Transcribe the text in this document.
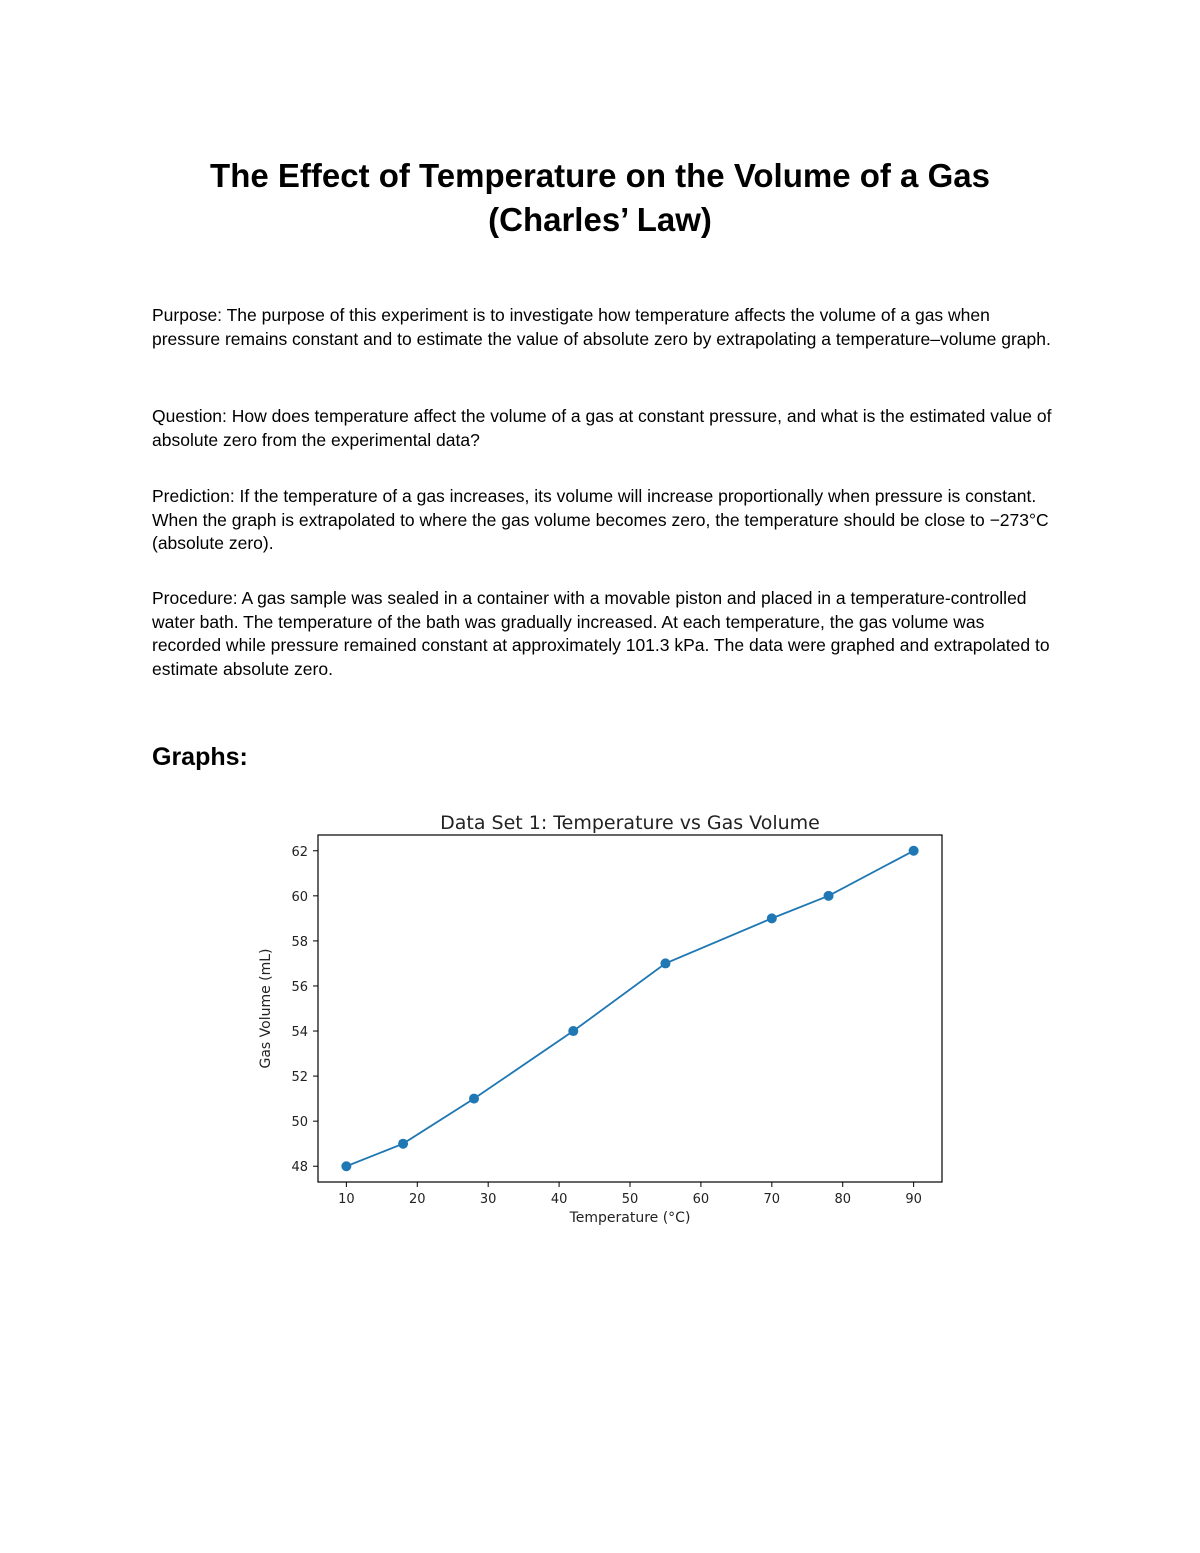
The Effect of Temperature on the Volume of a Gas
(Charles’ Law)
Purpose: The purpose of this experiment is to investigate how temperature affects the volume of a gas when pressure remains constant and to estimate the value of absolute zero by extrapolating a temperature–volume graph.
Question: How does temperature affect the volume of a gas at constant pressure, and what is the estimated value of absolute zero from the experimental data?
Prediction: If the temperature of a gas increases, its volume will increase proportionally when pressure is constant. When the graph is extrapolated to where the gas volume becomes zero, the temperature should be close to −273°C (absolute zero).
Procedure: A gas sample was sealed in a container with a movable piston and placed in a temperature-controlled water bath. The temperature of the bath was gradually increased. At each temperature, the gas volume was recorded while pressure remained constant at approximately 101.3 kPa. The data were graphed and extrapolated to estimate absolute zero.
Graphs:
Data Set 1: Temperature vs Gas Volume
10	20	30	40	50	60	70	80	90
48
50
52
54
56
58
60
62
Temperature (°C)
Gas Volume (mL)
